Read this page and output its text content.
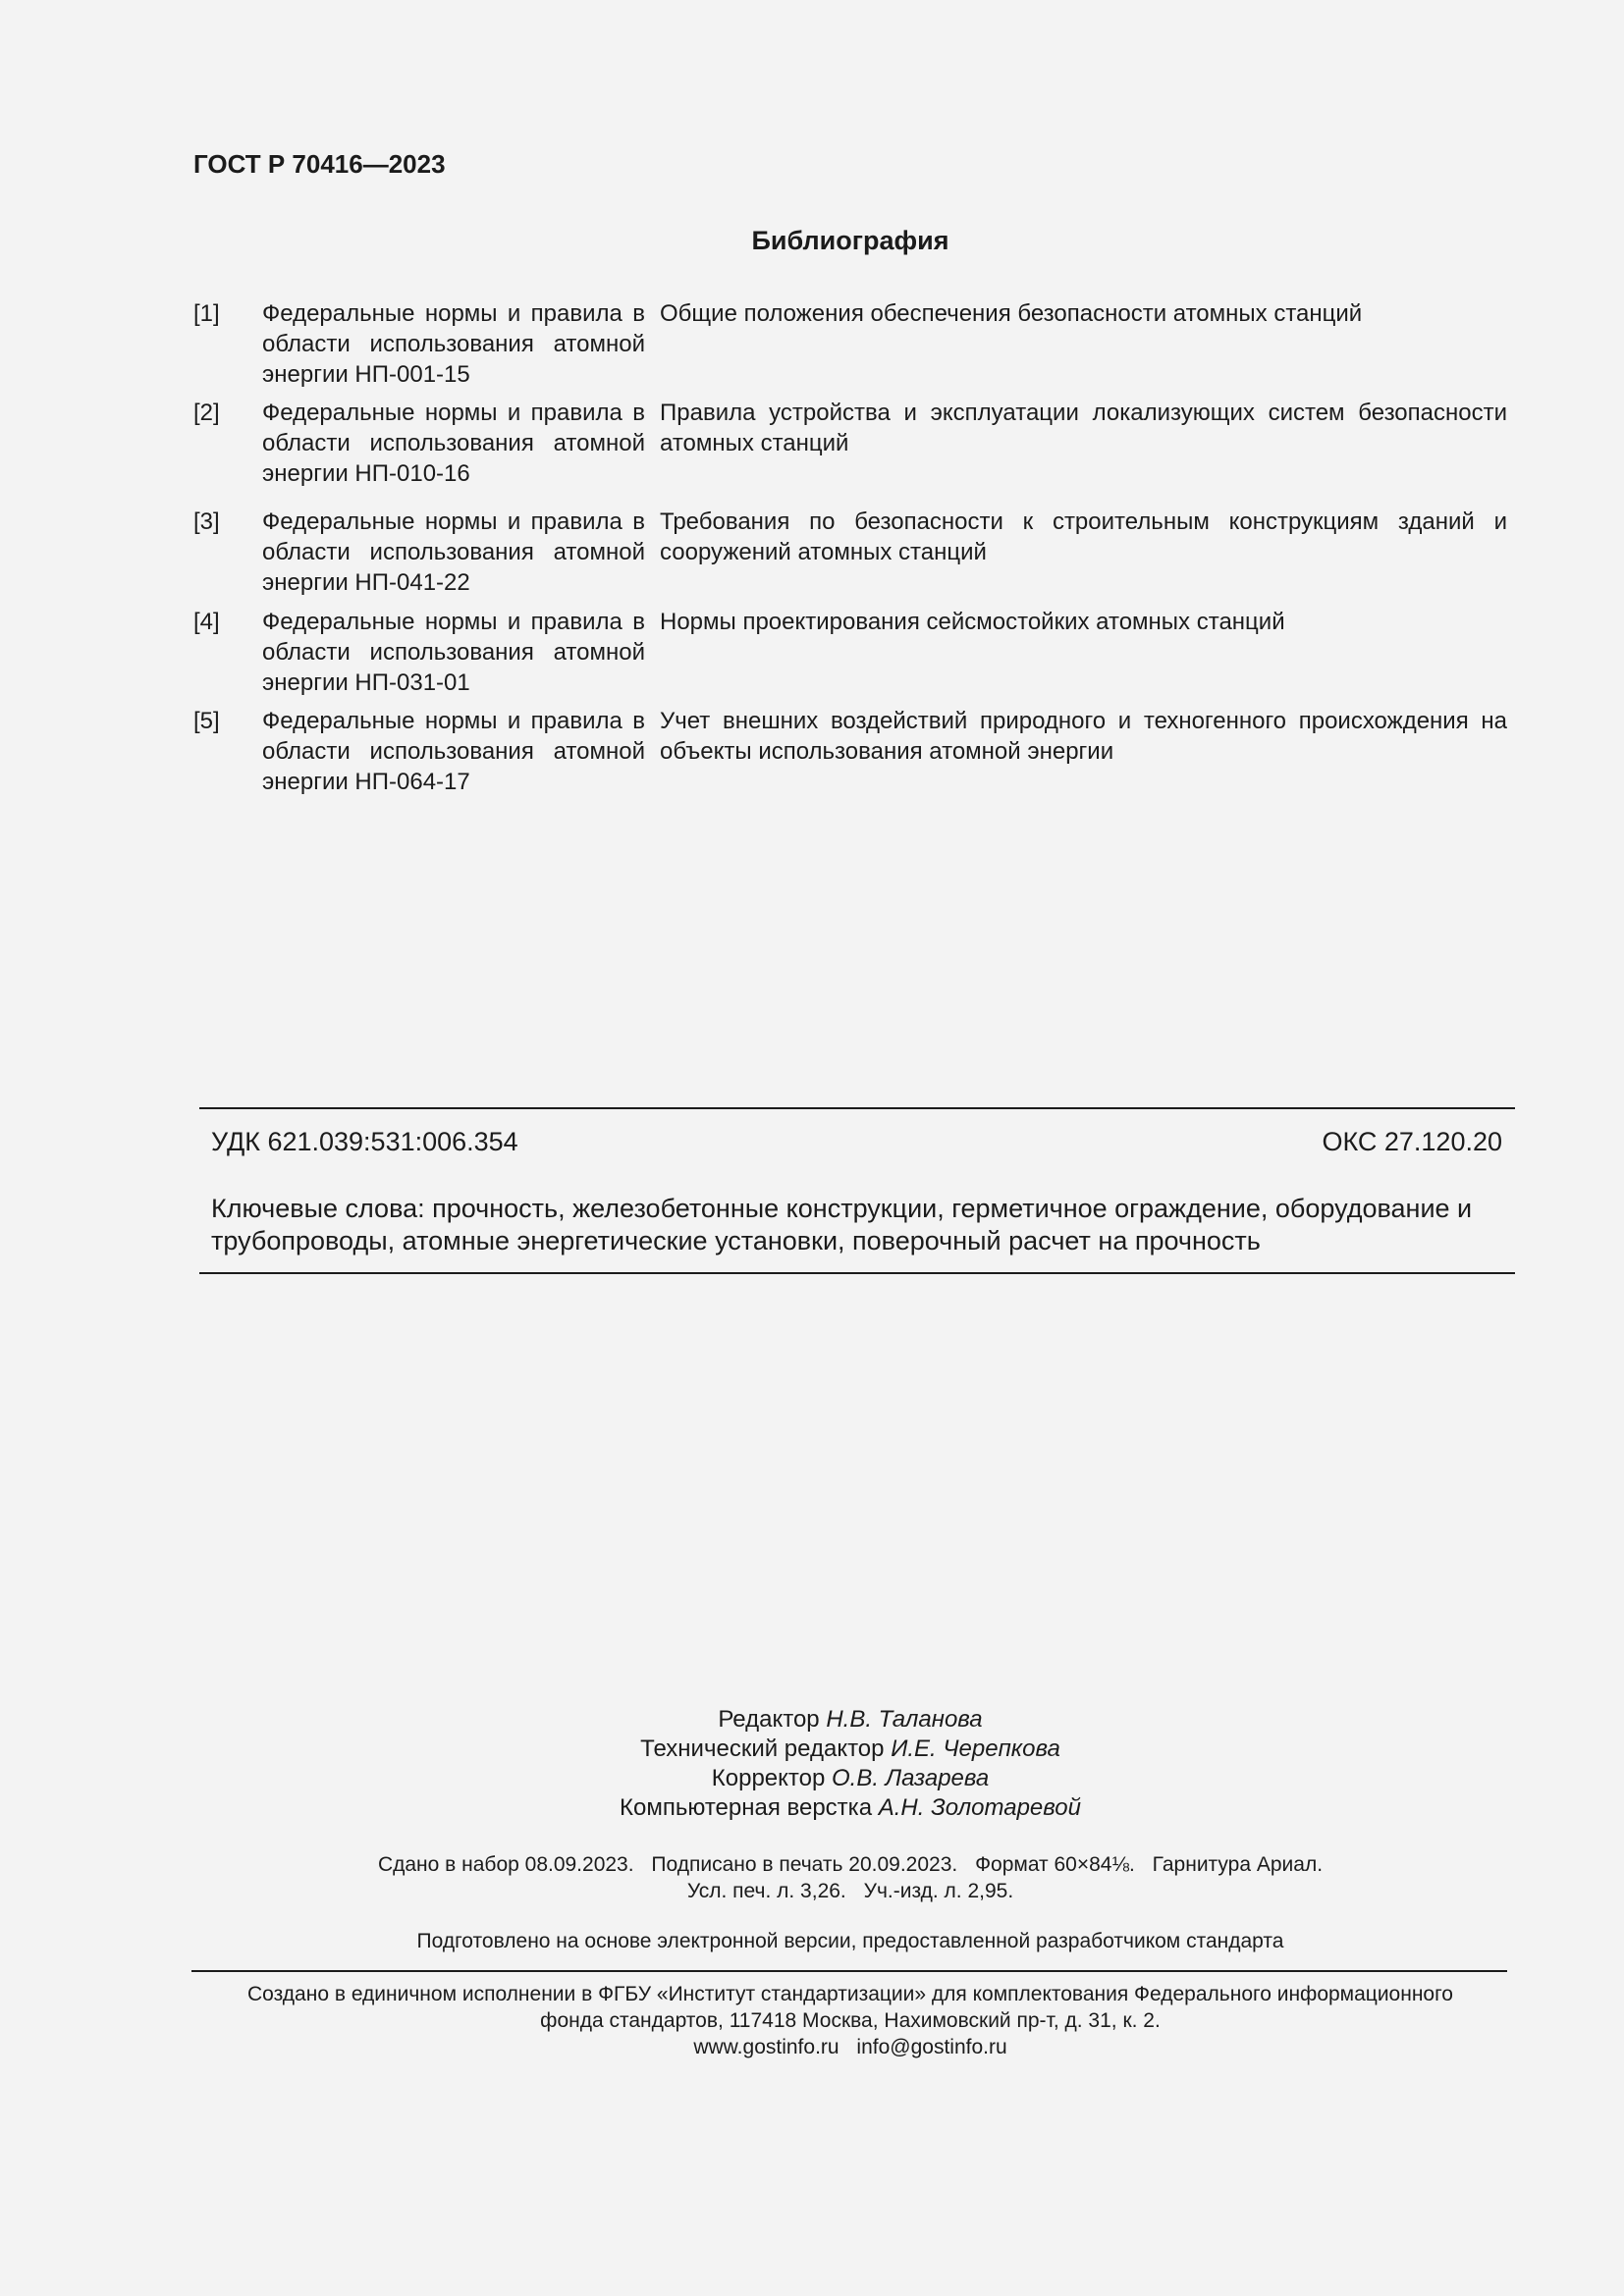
ГОСТ Р 70416—2023
Библиография
[1] Федеральные нормы и правила в области использования атомной энергии НП-001-15
Общие положения обеспечения безопасности атомных станций
[2] Федеральные нормы и правила в области использования атомной энергии НП-010-16
Правила устройства и эксплуатации локализующих систем безопасности атомных станций
[3] Федеральные нормы и правила в области использования атомной энергии НП-041-22
Требования по безопасности к строительным конструкциям зданий и сооружений атомных станций
[4] Федеральные нормы и правила в области использования атомной энергии НП-031-01
Нормы проектирования сейсмостойких атомных станций
[5] Федеральные нормы и правила в области использования атомной энергии НП-064-17
Учет внешних воздействий природного и техногенного происхождения на объекты использования атомной энергии
УДК 621.039:531:006.354	ОКС 27.120.20
Ключевые слова: прочность, железобетонные конструкции, герметичное ограждение, оборудование и трубопроводы, атомные энергетические установки, поверочный расчет на прочность
Редактор Н.В. Таланова
Технический редактор И.Е. Черепкова
Корректор О.В. Лазарева
Компьютерная верстка А.Н. Золотаревой
Сдано в набор 08.09.2023. Подписано в печать 20.09.2023. Формат 60×84⅛. Гарнитура Ариал.
Усл. печ. л. 3,26. Уч.-изд. л. 2,95.
Подготовлено на основе электронной версии, предоставленной разработчиком стандарта
Создано в единичном исполнении в ФГБУ «Институт стандартизации» для комплектования Федерального информационного
фонда стандартов, 117418 Москва, Нахимовский пр-т, д. 31, к. 2.
www.gostinfo.ru info@gostinfo.ru
